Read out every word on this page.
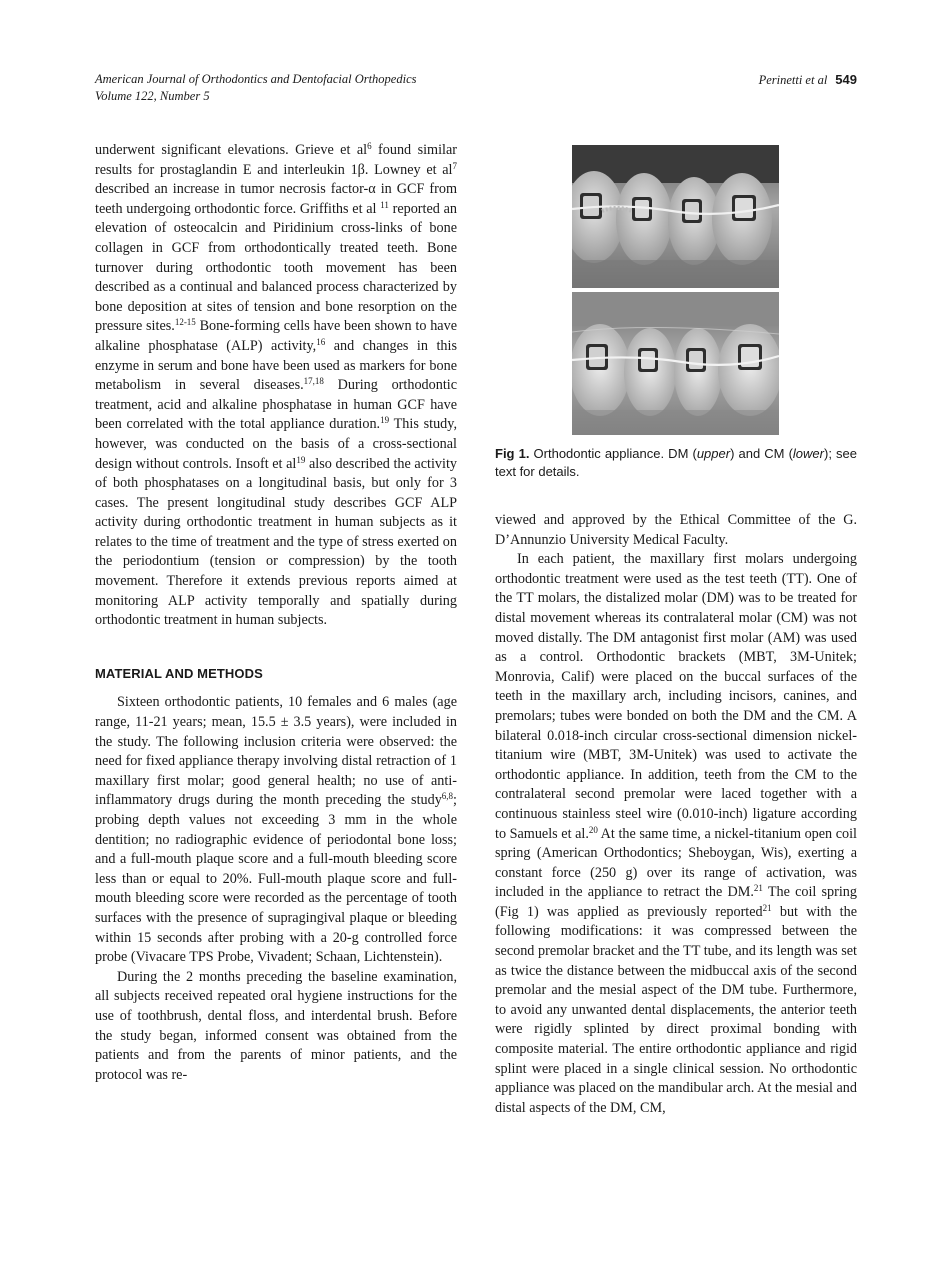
American Journal of Orthodontics and Dentofacial Orthopedics
Volume 122, Number 5
Perinetti et al 549

underwent significant elevations. Grieve et $al^6$ found similar results for prostaglandin E and interleukin 1β. Lowney et $al^7$ described an increase in tumor necrosis factor-α in GCF from teeth undergoing orthodontic force. Griffiths et al $^{11}$ reported an elevation of osteocalcin and Piridinium cross-links of bone collagen in GCF from orthodontically treated teeth. Bone turnover during orthodontic tooth movement has been described as a continual and balanced process characterized by bone deposition at sites of tension and bone resorption on the pressure sites.$^{12-15}$ Bone-forming cells have been shown to have alkaline phosphatase (ALP) activity,$^{16}$ and changes in this enzyme in serum and bone have been used as markers for bone metabolism in several diseases.$^{17,18}$ During orthodontic treatment, acid and alkaline phosphatase in human GCF have been correlated with the total appliance duration.$^{19}$ This study, however, was conducted on the basis of a cross-sectional design without controls. Insoft et $al^{19}$ also described the activity of both phosphatases on a longitudinal basis, but only for 3 cases. The present longitudinal study describes GCF ALP activity during orthodontic treatment in human subjects as it relates to the time of treatment and the type of stress exerted on the periodontium (tension or compression) by the tooth movement. Therefore it extends previous reports aimed at monitoring ALP activity temporally and spatially during orthodontic treatment in human subjects.

MATERIAL AND METHODS

Sixteen orthodontic patients, 10 females and 6 males (age range, 11-21 years; mean, 15.5 ± 3.5 years), were included in the study. The following inclusion criteria were observed: the need for fixed appliance therapy involving distal retraction of 1 maxillary first molar; good general health; no use of anti-inflammatory drugs during the month preceding the study$^{6,8}$; probing depth values not exceeding 3 mm in the whole dentition; no radiographic evidence of periodontal bone loss; and a full-mouth plaque score and a full-mouth bleeding score less than or equal to 20%. Full-mouth plaque score and full-mouth bleeding score were recorded as the percentage of tooth surfaces with the presence of supragingival plaque or bleeding within 15 seconds after probing with a 20-g controlled force probe (Vivacare TPS Probe, Vivadent; Schaan, Lichtenstein).

During the 2 months preceding the baseline examination, all subjects received repeated oral hygiene instructions for the use of toothbrush, dental floss, and interdental brush. Before the study began, informed consent was obtained from the patients and from the parents of minor patients, and the protocol was re-

Fig 1. Orthodontic appliance. DM (upper) and CM (lower); see text for details.

viewed and approved by the Ethical Committee of the G. D’Annunzio University Medical Faculty.

In each patient, the maxillary first molars undergoing orthodontic treatment were used as the test teeth (TT). One of the TT molars, the distalized molar (DM) was to be treated for distal movement whereas its contralateral molar (CM) was not moved distally. The DM antagonist first molar (AM) was used as a control. Orthodontic brackets (MBT, 3M-Unitek; Monrovia, Calif) were placed on the buccal surfaces of the teeth in the maxillary arch, including incisors, canines, and premolars; tubes were bonded on both the DM and the CM. A bilateral 0.018-inch circular cross-sectional dimension nickel-titanium wire (MBT, 3M-Unitek) was used to activate the orthodontic appliance. In addition, teeth from the CM to the contralateral second premolar were laced together with a continuous stainless steel wire (0.010-inch) ligature according to Samuels et al.$^{20}$ At the same time, a nickel-titanium open coil spring (American Orthodontics; Sheboygan, Wis), exerting a constant force (250 g) over its range of activation, was included in the appliance to retract the DM.$^{21}$ The coil spring (Fig 1) was applied as previously reported$^{21}$ but with the following modifications: it was compressed between the second premolar bracket and the TT tube, and its length was set as twice the distance between the midbuccal axis of the second premolar and the mesial aspect of the DM tube. Furthermore, to avoid any unwanted dental displacements, the anterior teeth were rigidly splinted by direct proximal bonding with composite material. The entire orthodontic appliance and rigid splint were placed in a single clinical session. No orthodontic appliance was placed on the mandibular arch. At the mesial and distal aspects of the DM, CM,
